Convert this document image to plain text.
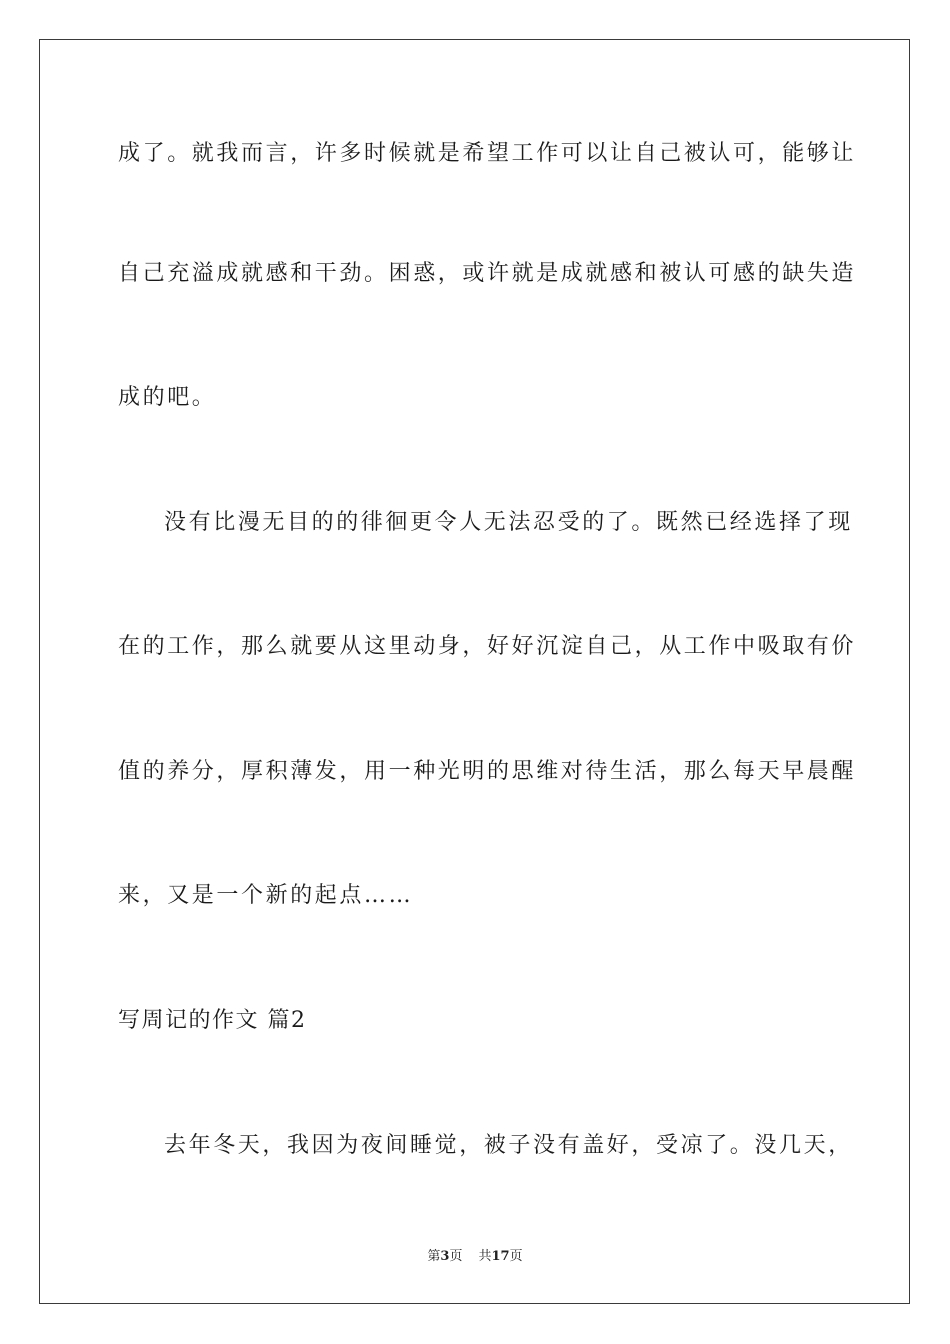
成了。就我而言，许多时候就是希望工作可以让自己被认可，能够让
自己充溢成就感和干劲。困惑，或许就是成就感和被认可感的缺失造
成的吧。
没有比漫无目的的徘徊更令人无法忍受的了。既然已经选择了现
在的工作，那么就要从这里动身，好好沉淀自己，从工作中吸取有价
值的养分，厚积薄发，用一种光明的思维对待生活，那么每天早晨醒
来，又是一个新的起点……
写周记的作文 篇2
去年冬天，我因为夜间睡觉，被子没有盖好，受凉了。没几天，
第3页 共17页
